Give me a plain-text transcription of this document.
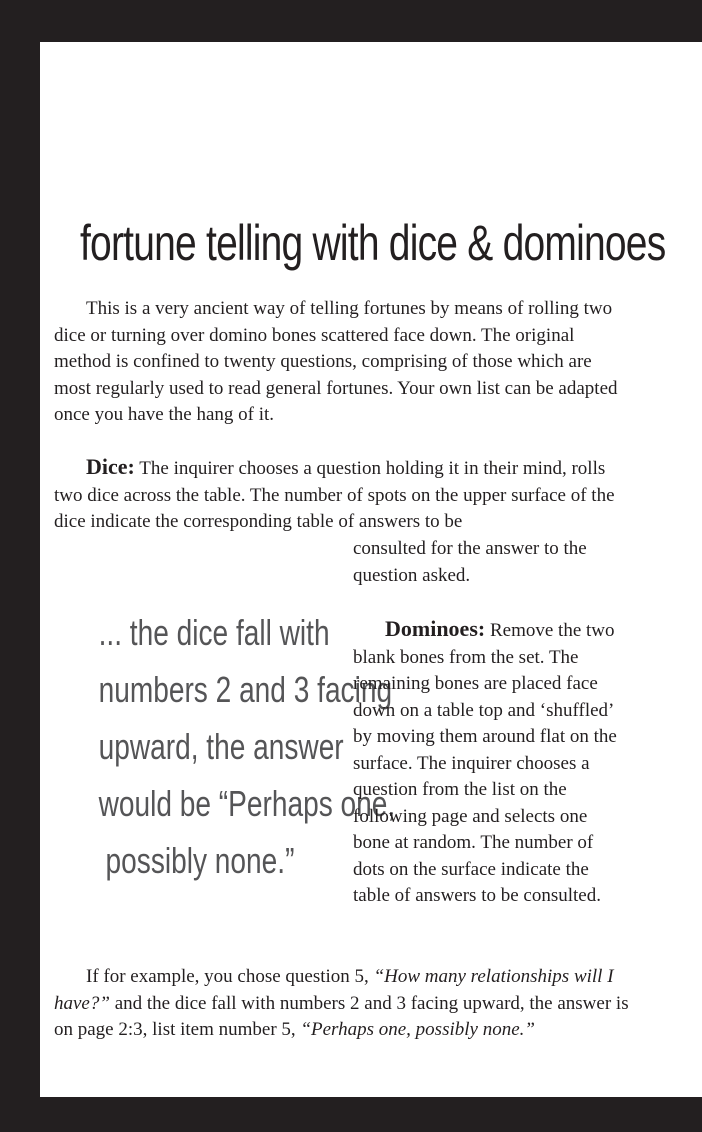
fortune telling with dice & dominoes
This is a very ancient way of telling fortunes by means of rolling two dice or turning over domino bones scattered face down. The original method is confined to twenty questions, comprising of those which are most regularly used to read general fortunes. Your own list can be adapted once you have the hang of it.
Dice: The inquirer chooses a question holding it in their mind, rolls two dice across the table. The number of spots on the upper surface of the dice indicate the corresponding table of answers to be
consulted for the answer to the question asked.
... the dice fall with
numbers 2 and 3 facing
upward, the answer
would be “Perhaps one,
possibly none.”
Dominoes: Remove the two blank bones from the set. The remaining bones are placed face down on a table top and ‘shuffled’ by moving them around flat on the surface. The inquirer chooses a question from the list on the following page and selects one bone at random. The number of dots on the surface indicate the table of answers to be consulted.
If for example, you chose question 5, “How many relationships will I have?” and the dice fall with numbers 2 and 3 facing upward, the answer is on page 2:3, list item number 5, “Perhaps one, possibly none.”
